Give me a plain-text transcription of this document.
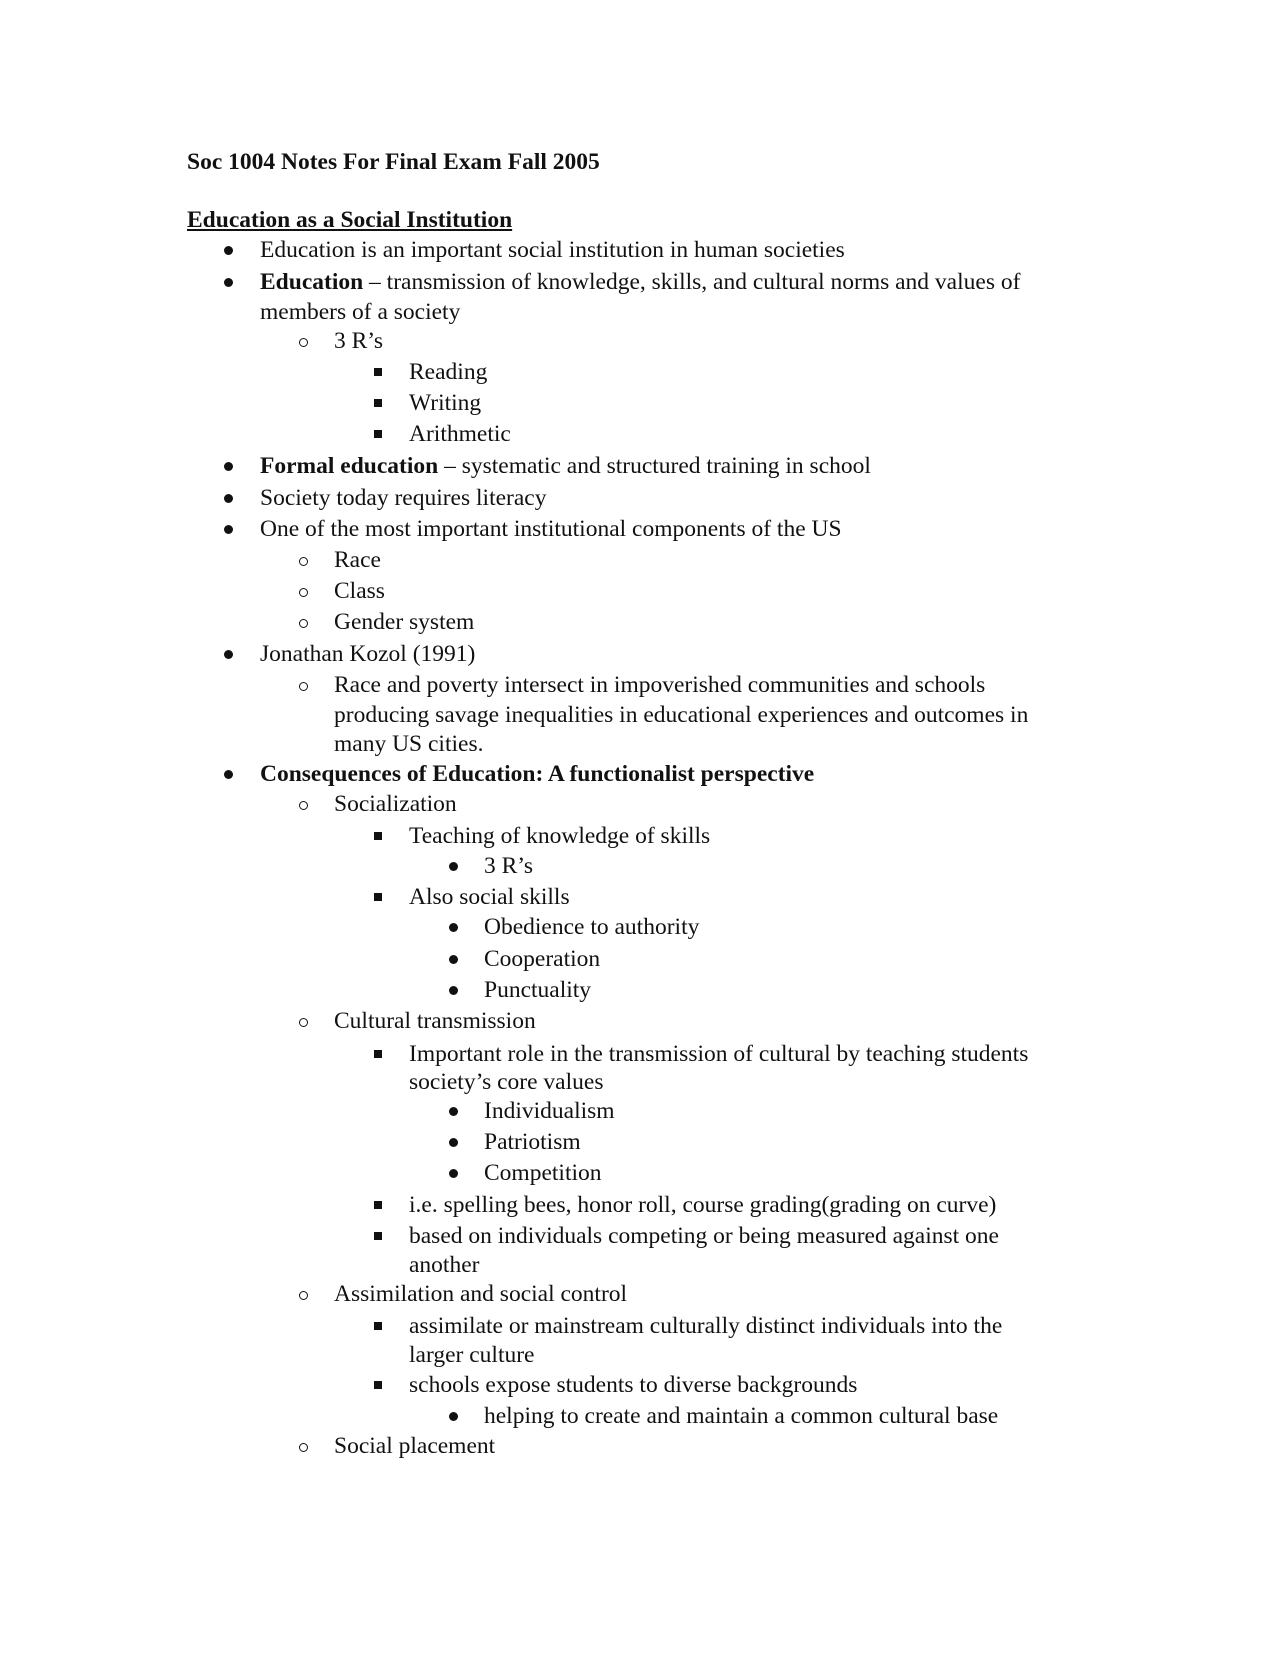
Soc 1004 Notes For Final Exam Fall 2005
Education as a Social Institution
Education is an important social institution in human societies
Education – transmission of knowledge, skills, and cultural norms and values of
members of a society
3 R’s
Reading
Writing
Arithmetic
Formal education – systematic and structured training in school
Society today requires literacy
One of the most important institutional components of the US
Race
Class
Gender system
Jonathan Kozol (1991)
Race and poverty intersect in impoverished communities and schools
producing savage inequalities in educational experiences and outcomes in
many US cities.
Consequences of Education: A functionalist perspective
Socialization
Teaching of knowledge of skills
3 R’s
Also social skills
Obedience to authority
Cooperation
Punctuality
Cultural transmission
Important role in the transmission of cultural by teaching students
society’s core values
Individualism
Patriotism
Competition
i.e. spelling bees, honor roll, course grading(grading on curve)
based on individuals competing or being measured against one
another
Assimilation and social control
assimilate or mainstream culturally distinct individuals into the
larger culture
schools expose students to diverse backgrounds
helping to create and maintain a common cultural base
Social placement
